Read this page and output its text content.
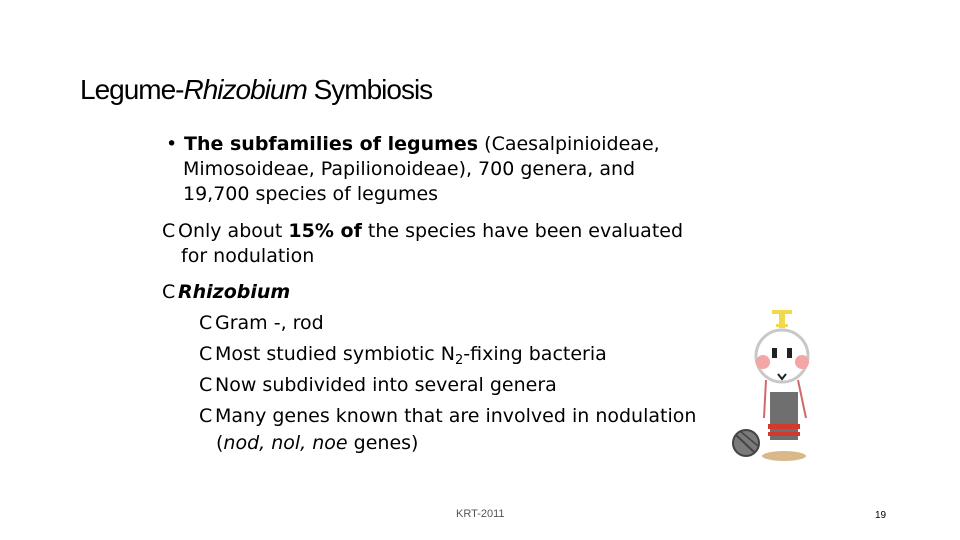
Legume-Rhizobium Symbiosis
• The subfamilies of legumes (Caesalpinioideae,
Mimosoideae, Papilionoideae), 700 genera, and
19,700 species of legumes
C Only about 15% of the species have been evaluated
for nodulation
C Rhizobium
C Gram -, rod
C Most studied symbiotic $N_2$-fixing bacteria
C Now subdivided into several genera
C Many genes known that are involved in nodulation
(nod, nol, noe genes)
KRT-2011	19
